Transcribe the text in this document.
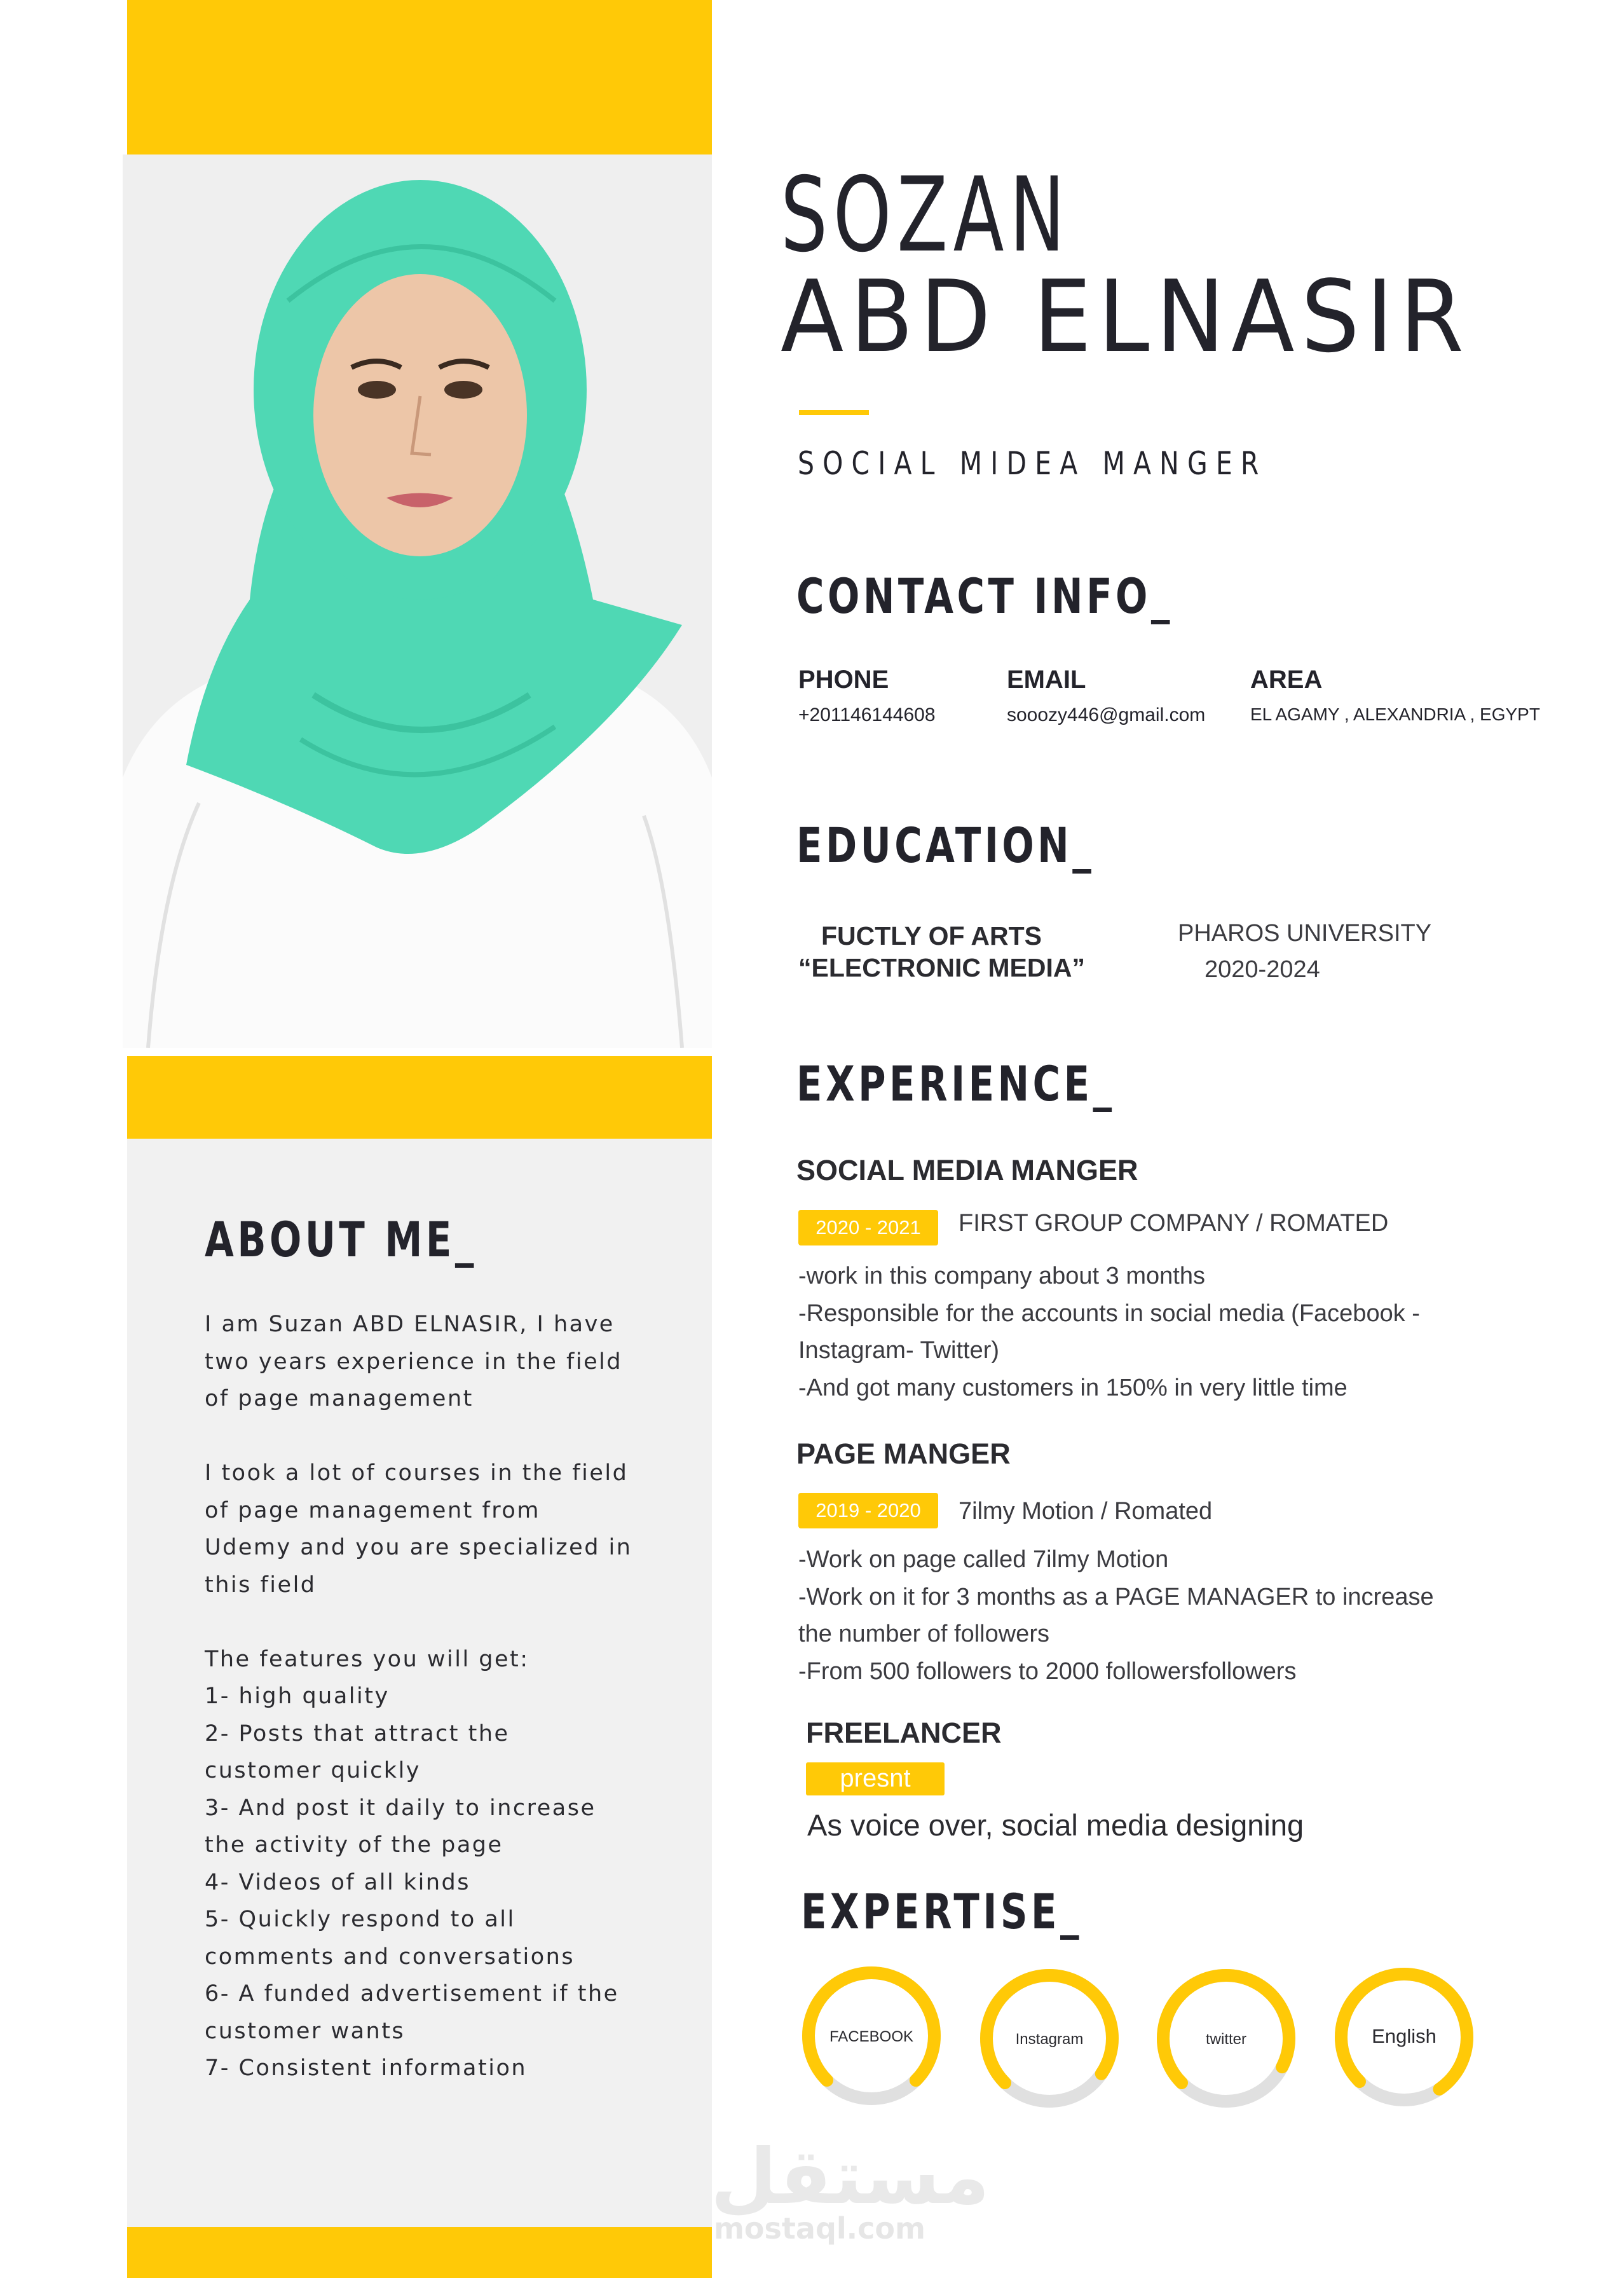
ABOUT ME_
I am Suzan ABD ELNASIR, I have
two years experience in the field
of page management
I took a lot of courses in the field
of page management from
Udemy and you are specialized in
this field
The features you will get:
1- high quality
2- Posts that attract the
customer quickly
3- And post it daily to increase
the activity of the page
4- Videos of all kinds
5- Quickly respond to all
comments and conversations
6- A funded advertisement if the
customer wants
7- Consistent information
SOZAN
ABD ELNASIR
SOCIAL MIDEA MANGER
CONTACT INFO_
PHONE
+201146144608
EMAIL
sooozy446@gmail.com
AREA
EL AGAMY , ALEXANDRIA , EGYPT
EDUCATION_
FUCTLY OF ARTS
“ELECTRONIC MEDIA”
PHAROS UNIVERSITY
2020-2024
EXPERIENCE_
SOCIAL MEDIA MANGER
2020 - 2021	FIRST GROUP COMPANY / ROMATED
-work in this company about 3 months
-Responsible for the accounts in social media (Facebook -
Instagram- Twitter)
-And got many customers in 150% in very little time
PAGE MANGER
2019 - 2020	7ilmy Motion / Romated
-Work on page called 7ilmy Motion
-Work on it for 3 months as a PAGE MANAGER to increase
the number of followers
-From 500 followers to 2000 followersfollowers
FREELANCER
presnt
As voice over, social media designing
EXPERTISE_
FACEBOOK	Instagram	twitter	English
مستقل
mostaql.com
